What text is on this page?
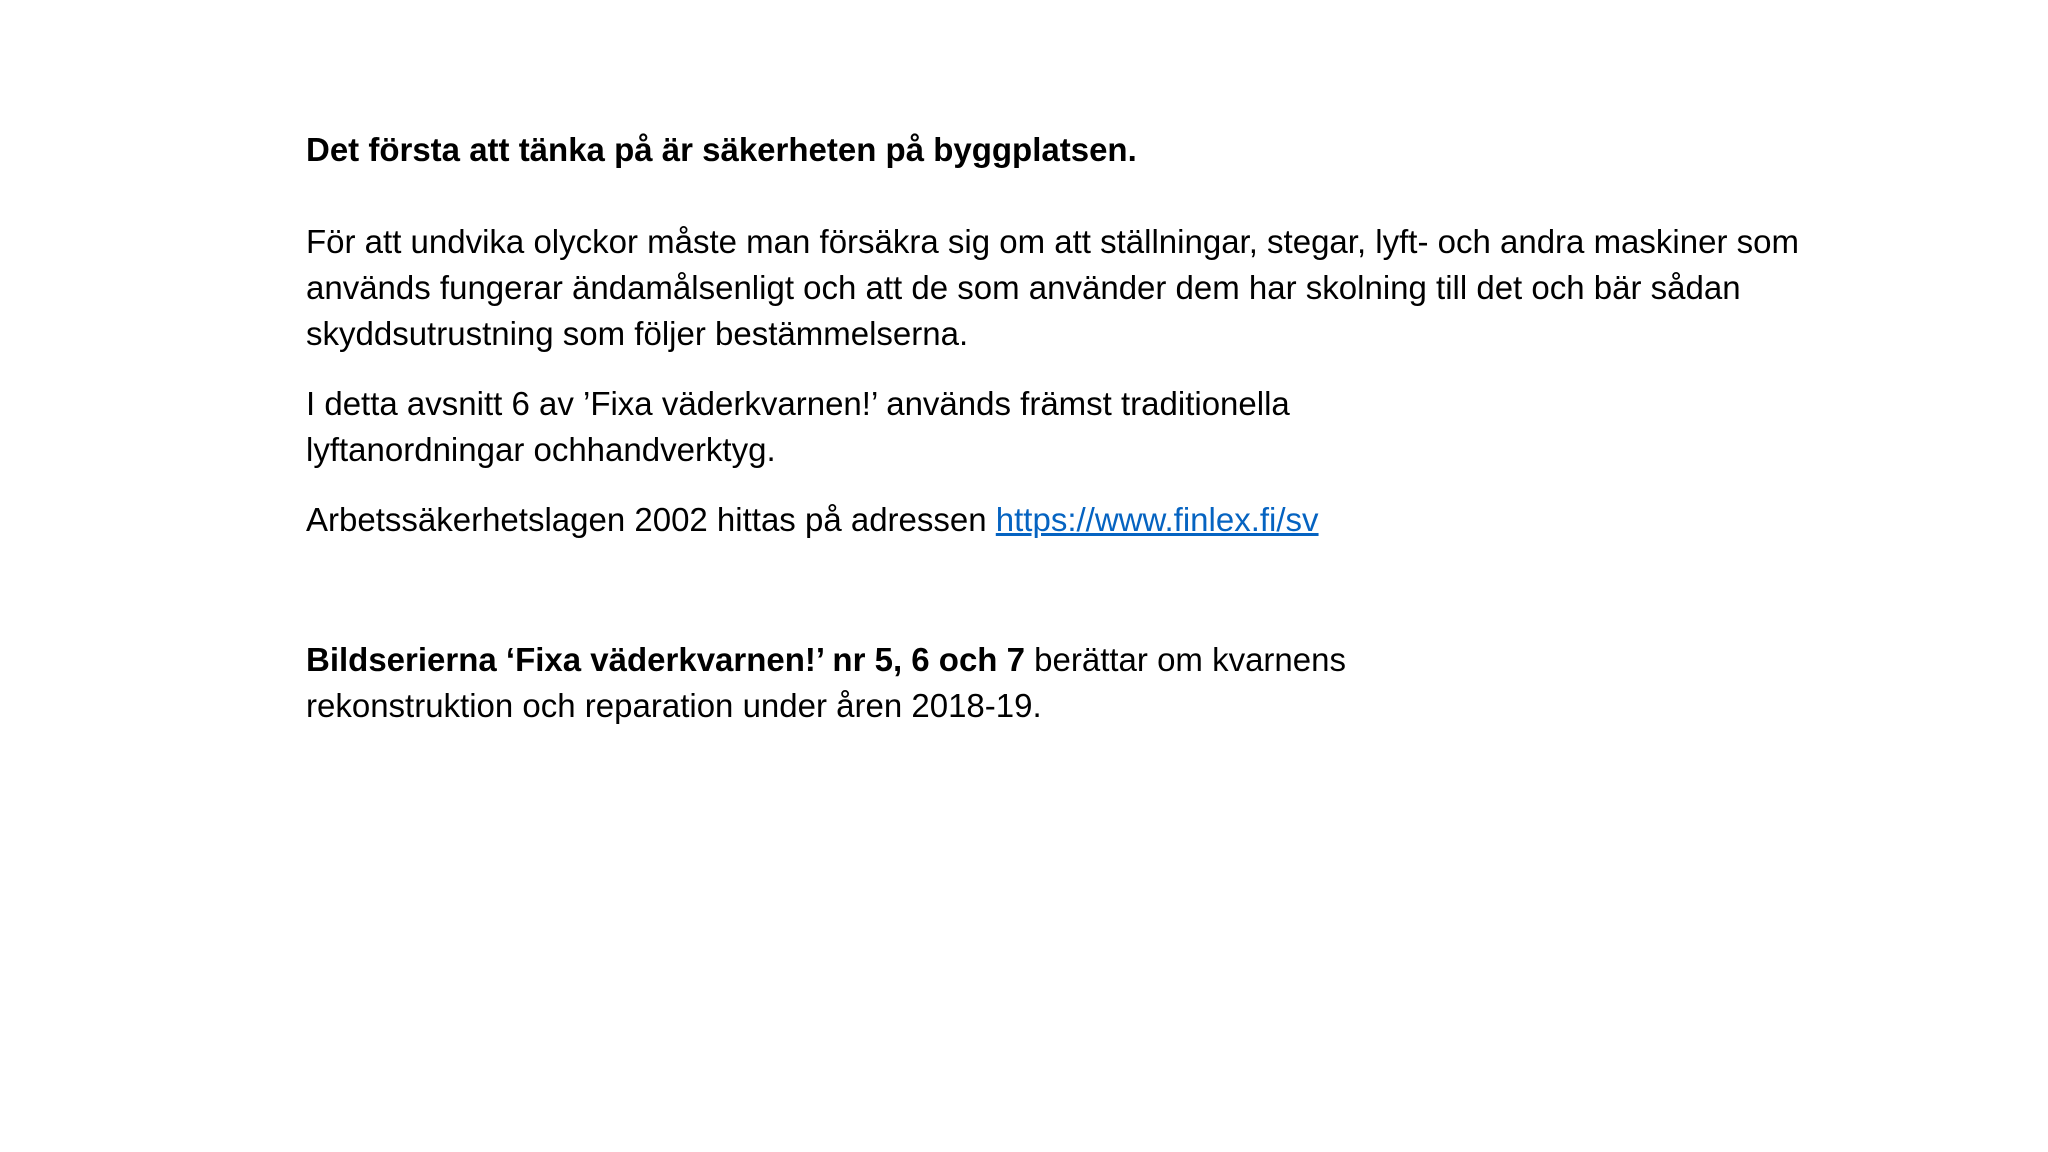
Det första att tänka på är säkerheten på byggplatsen.

För att undvika olyckor måste man försäkra sig om att ställningar, stegar, lyft- och andra maskiner som används fungerar ändamålsenligt och att de som använder dem har skolning till det och bär sådan skyddsutrustning som följer bestämmelserna.

I detta avsnitt 6 av ’Fixa väderkvarnen!’ används främst traditionella lyftanordningar ochhandverktyg.

Arbetssäkerhetslagen 2002 hittas på adressen https://www.finlex.fi/sv

Bildserierna ‘Fixa väderkvarnen!’ nr 5, 6 och 7 berättar om kvarnens rekonstruktion och reparation under åren 2018-19.
